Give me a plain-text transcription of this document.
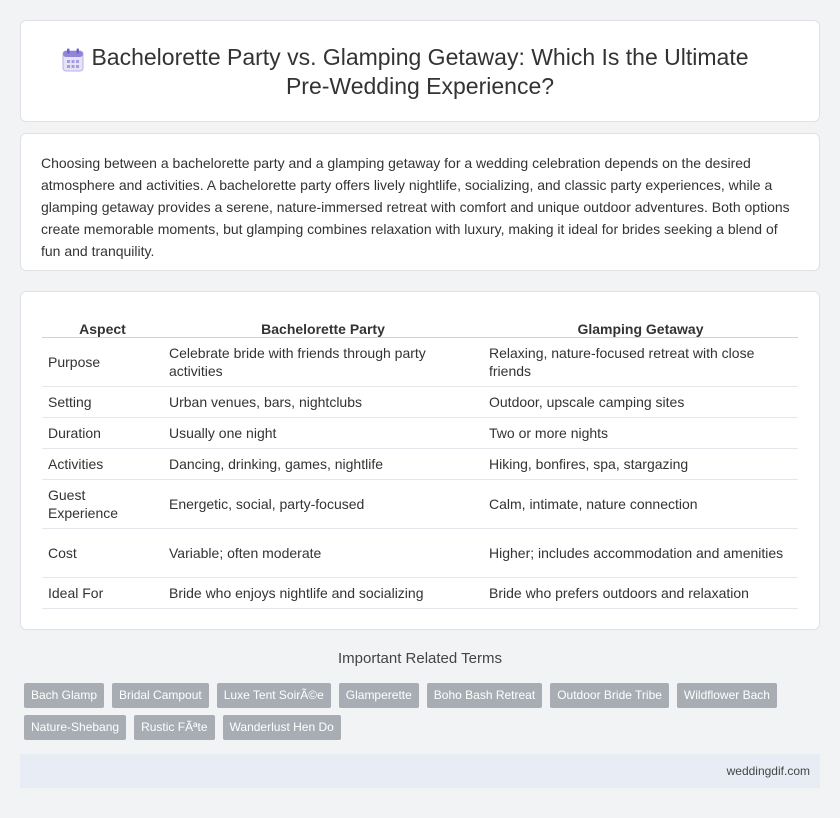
Bachelorette Party vs. Glamping Getaway: Which Is the Ultimate
Pre-Wedding Experience?

Choosing between a bachelorette party and a glamping getaway for a wedding celebration depends on the desired atmosphere and activities. A bachelorette party offers lively nightlife, socializing, and classic party experiences, while a glamping getaway provides a serene, nature-immersed retreat with comfort and unique outdoor adventures. Both options create memorable moments, but glamping combines relaxation with luxury, making it ideal for brides seeking a blend of fun and tranquility.

Aspect	Bachelorette Party	Glamping Getaway
Purpose	Celebrate bride with friends through party activities	Relaxing, nature-focused retreat with close friends
Setting	Urban venues, bars, nightclubs	Outdoor, upscale camping sites
Duration	Usually one night	Two or more nights
Activities	Dancing, drinking, games, nightlife	Hiking, bonfires, spa, stargazing
Guest Experience	Energetic, social, party-focused	Calm, intimate, nature connection
Cost	Variable; often moderate	Higher; includes accommodation and amenities
Ideal For	Bride who enjoys nightlife and socializing	Bride who prefers outdoors and relaxation
Important Related Terms
Bach Glamp	Bridal Campout	Luxe Tent SoirÃ©e	Glamperette	Boho Bash Retreat	Outdoor Bride Tribe	Wildflower Bach
Nature-Shebang	Rustic FÃªte	Wanderlust Hen Do
weddingdif.com
